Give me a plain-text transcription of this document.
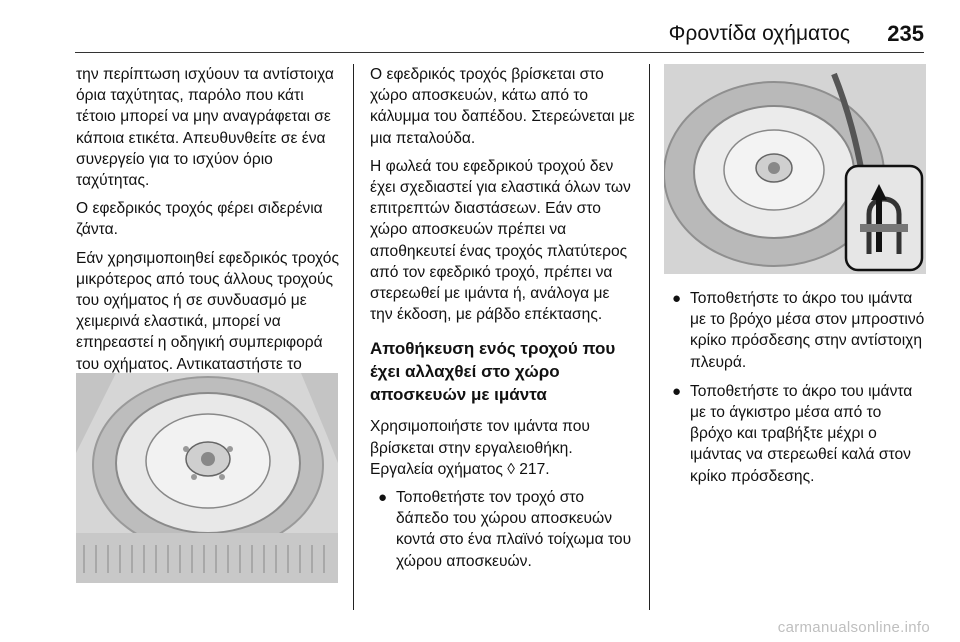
Φροντίδα οχήματος 235

την περίπτωση ισχύουν τα αντίστοιχα όρια ταχύτητας, παρόλο που κάτι τέτοιο μπορεί να μην αναγράφεται σε κάποια ετικέτα. Απευθυνθείτε σε ένα συνεργείο για το ισχύον όριο ταχύτητας.

Ο εφεδρικός τροχός φέρει σιδερένια ζάντα.

Εάν χρησιμοποιηθεί εφεδρικός τροχός μικρότερος από τους άλλους τροχούς του οχήματος ή σε συνδυασμό με χειμερινά ελαστικά, μπορεί να επηρεαστεί η οδηγική συμπεριφορά του οχήματος. Αντικαταστήστε το

Ο εφεδρικός τροχός βρίσκεται στο χώρο αποσκευών, κάτω από το κάλυμμα του δαπέδου. Στερεώνεται με μια πεταλούδα.

Η φωλεά του εφεδρικού τροχού δεν έχει σχεδιαστεί για ελαστικά όλων των επιτρεπτών διαστάσεων. Εάν στο χώρο αποσκευών πρέπει να αποθηκευτεί ένας τροχός πλατύτερος από τον εφεδρικό τροχό, πρέπει να στερεωθεί με ιμάντα ή, ανάλογα με την έκδοση, με ράβδο επέκτασης.

Αποθήκευση ενός τροχού που έχει αλλαχθεί στο χώρο αποσκευών με ιμάντα

Χρησιμοποιήστε τον ιμάντα που βρίσκεται στην εργαλειοθήκη. Εργαλεία οχήματος ◊ 217.

● Τοποθετήστε τον τροχό στο δάπεδο του χώρου αποσκευών κοντά στο ένα πλαϊνό τοίχωμα του χώρου αποσκευών.
● Τοποθετήστε το άκρο του ιμάντα με το βρόχο μέσα στον μπροστινό κρίκο πρόσδεσης στην αντίστοιχη πλευρά.
● Τοποθετήστε το άκρο του ιμάντα με το άγκιστρο μέσα από το βρόχο και τραβήξτε μέχρι ο ιμάντας να στερεωθεί καλά στον κρίκο πρόσδεσης.
carmanualsonline.info
